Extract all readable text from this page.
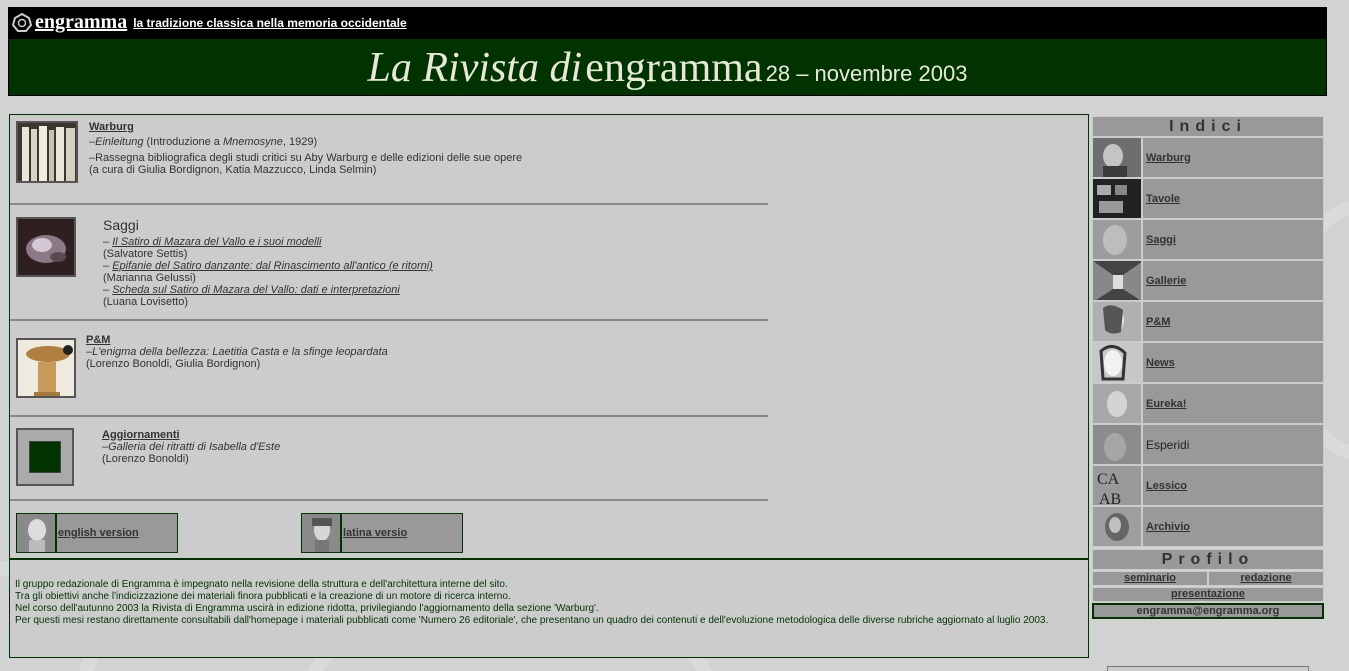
engramma la tradizione classica nella memoria occidentale
La Rivista di engramma 28 – novembre 2003
Warburg
–Einleitung (Introduzione a Mnemosyne, 1929)
–Rassegna bibliografica degli studi critici su Aby Warburg e delle edizioni delle sue opere
(a cura di Giulia Bordignon, Katia Mazzucco, Linda Selmin)
Saggi
– Il Satiro di Mazara del Vallo e i suoi modelli
(Salvatore Settis)
– Epifanie del Satiro danzante: dal Rinascimento all'antico (e ritorni)
(Marianna Gelussi)
– Scheda sul Satiro di Mazara del Vallo: dati e interpretazioni
(Luana Lovisetto)
P&M
–L'enigma della bellezza: Laetitia Casta e la sfinge leopardata
(Lorenzo Bonoldi, Giulia Bordignon)
Aggiornamenti
–Galleria dei ritratti di Isabella d'Este
(Lorenzo Bonoldi)
english version	latina versio
Il gruppo redazionale di Engramma è impegnato nella revisione della struttura e dell'architettura interne del sito.
Tra gli obiettivi anche l'indicizzazione dei materiali finora pubblicati e la creazione di un motore di ricerca interno.
Nel corso dell'autunno 2003 la Rivista di Engramma uscirà in edizione ridotta, privilegiando l'aggiornamento della sezione 'Warburg'.
Per questi mesi restano direttamente consultabili dall'homepage i materiali pubblicati come 'Numero 26 editoriale', che presentano un quadro dei contenuti e dell'evoluzione metodologica delle diverse rubriche aggiornato al luglio 2003.
Indici
Warburg
Tavole
Saggi
Gallerie
P&M
News
Eureka!
Esperidi
CA
AB
Lessico
Archivio
Profilo
seminario	redazione
presentazione
engramma@engramma.org
